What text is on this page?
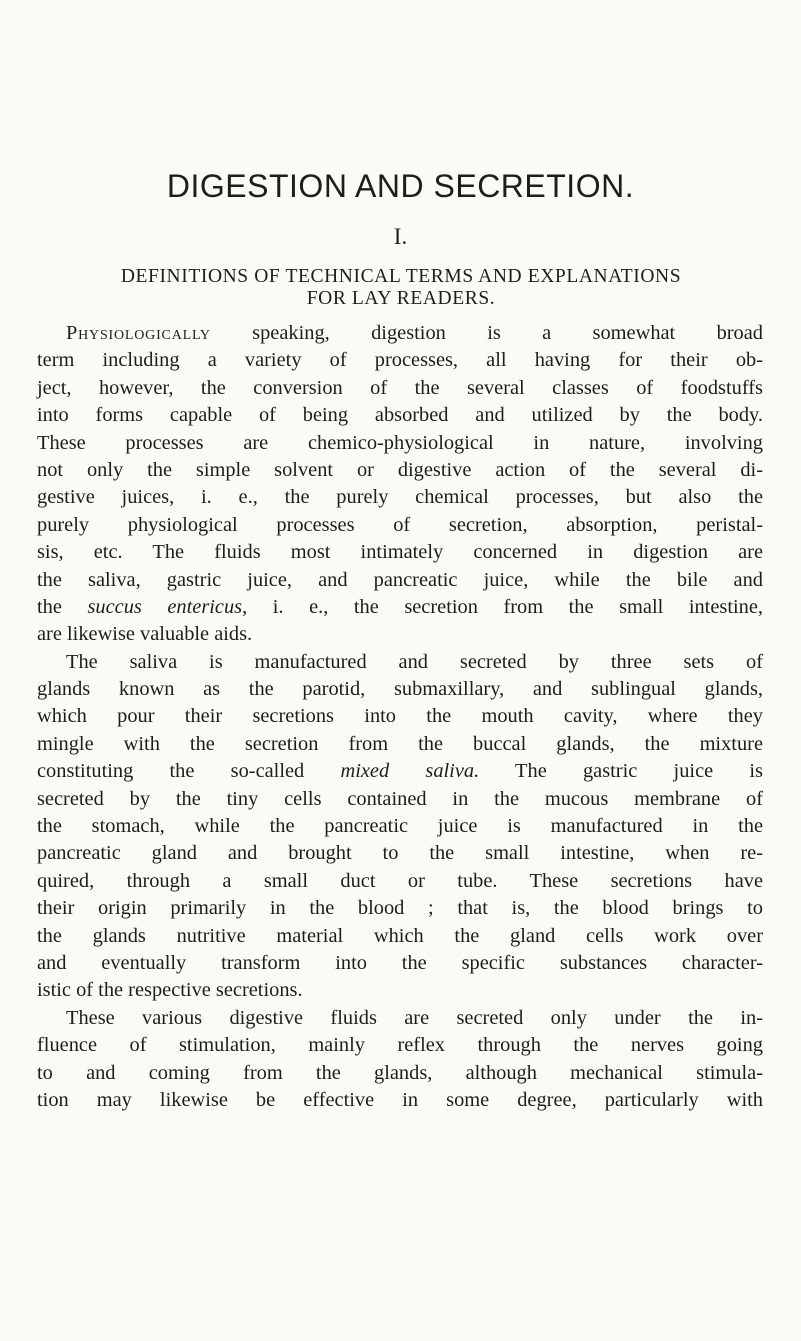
DIGESTION AND SECRETION.
I.
DEFINITIONS OF TECHNICAL TERMS AND EXPLANATIONS
FOR LAY READERS.
Physiologically speaking, digestion is a somewhat broad
term including a variety of processes, all having for their ob-
ject, however, the conversion of the several classes of foodstuffs
into forms capable of being absorbed and utilized by the body.
These processes are chemico-physiological in nature, involving
not only the simple solvent or digestive action of the several di-
gestive juices, i. e., the purely chemical processes, but also the
purely physiological processes of secretion, absorption, peristal-
sis, etc. The fluids most intimately concerned in digestion are
the saliva, gastric juice, and pancreatic juice, while the bile and
the succus entericus, i. e., the secretion from the small intestine,
are likewise valuable aids.
The saliva is manufactured and secreted by three sets of
glands known as the parotid, submaxillary, and sublingual glands,
which pour their secretions into the mouth cavity, where they
mingle with the secretion from the buccal glands, the mixture
constituting the so-called mixed saliva. The gastric juice is
secreted by the tiny cells contained in the mucous membrane of
the stomach, while the pancreatic juice is manufactured in the
pancreatic gland and brought to the small intestine, when re-
quired, through a small duct or tube. These secretions have
their origin primarily in the blood ; that is, the blood brings to
the glands nutritive material which the gland cells work over
and eventually transform into the specific substances character-
istic of the respective secretions.
These various digestive fluids are secreted only under the in-
fluence of stimulation, mainly reflex through the nerves going
to and coming from the glands, although mechanical stimula-
tion may likewise be effective in some degree, particularly with
